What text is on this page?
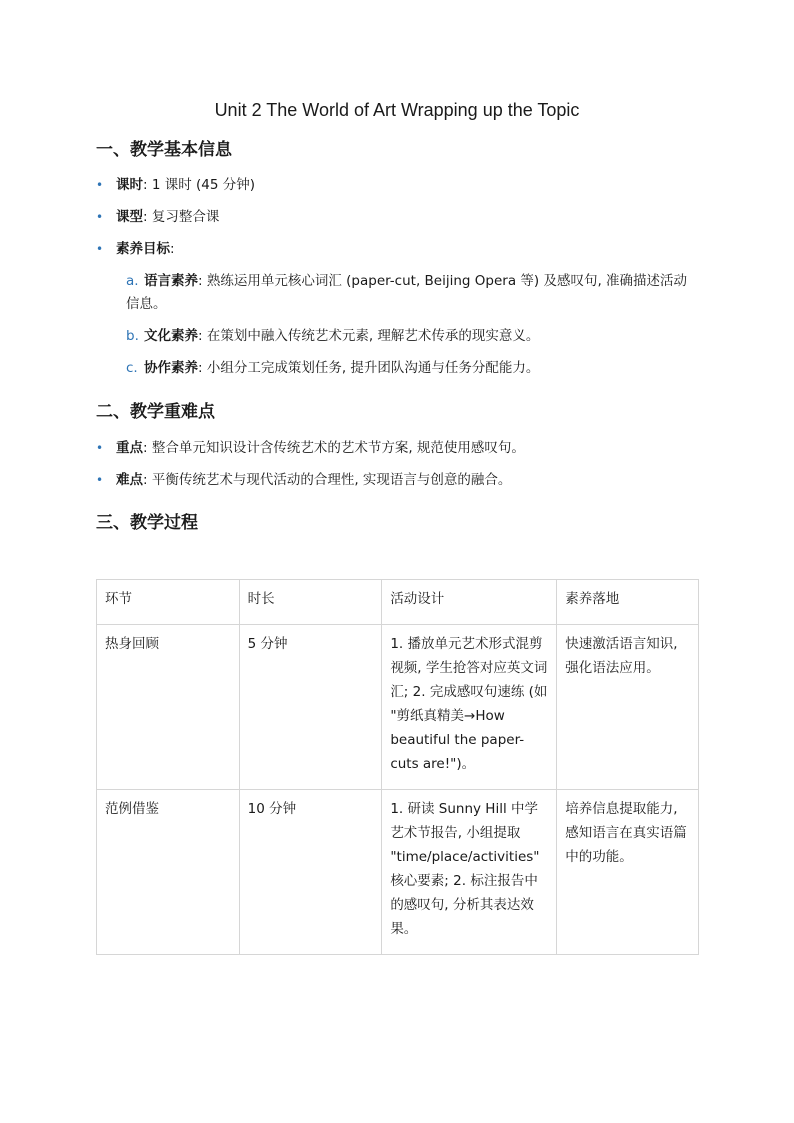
Unit 2 The World of Art Wrapping up the Topic
一、教学基本信息
• 课时: 1 课时 (45 分钟)
• 课型: 复习整合课
• 素养目标:
a. 语言素养: 熟练运用单元核心词汇 (paper-cut, Beijing Opera 等) 及感叹句, 准确描述活动信息。
b. 文化素养: 在策划中融入传统艺术元素, 理解艺术传承的现实意义。
c. 协作素养: 小组分工完成策划任务, 提升团队沟通与任务分配能力。
二、教学重难点
• 重点: 整合单元知识设计含传统艺术的艺术节方案, 规范使用感叹句。
• 难点: 平衡传统艺术与现代活动的合理性, 实现语言与创意的融合。
三、教学过程
环节	时长	活动设计	素养落地
热身回顾	5 分钟	1. 播放单元艺术形式混剪视频, 学生抢答对应英文词汇; 2. 完成感叹句速练 (如 "剪纸真精美→How beautiful the paper-cuts are!")。	快速激活语言知识, 强化语法应用。
范例借鉴	10 分钟	1. 研读 Sunny Hill 中学艺术节报告, 小组提取 "time/place/activities" 核心要素; 2. 标注报告中的感叹句, 分析其表达效果。	培养信息提取能力, 感知语言在真实语篇中的功能。
